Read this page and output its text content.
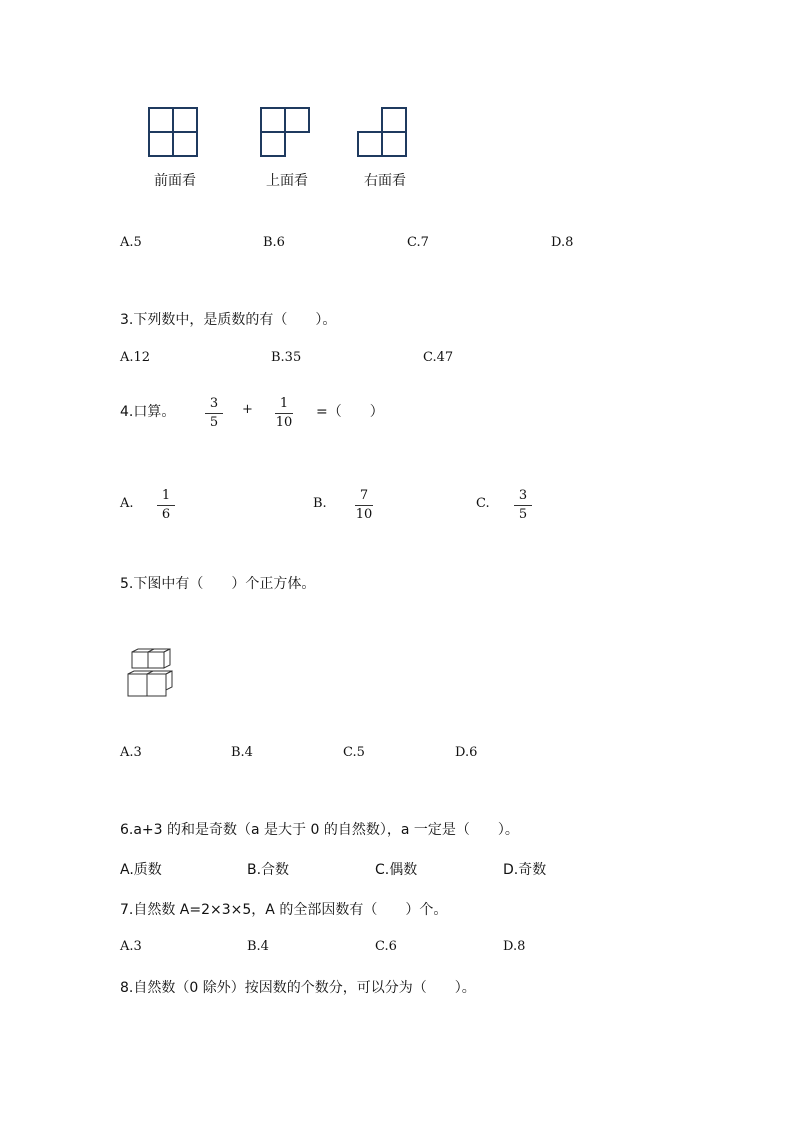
前面看	上面看	右面看
A.5	B.6	C.7	D.8
3.下列数中，是质数的有（　　）。
A.12	B.35	C.47
4.口算。
3
5
+	1
10
=（　　）
A.
1
6
B.
7
10
C.
3
5
5.下图中有（　　）个正方体。
A.3	B.4	C.5	D.6
6.a+3 的和是奇数（a 是大于 0 的自然数），a 一定是（　　）。
A.质数	B.合数	C.偶数	D.奇数
7.自然数 A=2×3×5，A 的全部因数有（　　）个。
A.3	B.4	C.6	D.8
8.自然数（0 除外）按因数的个数分，可以分为（　　）。
